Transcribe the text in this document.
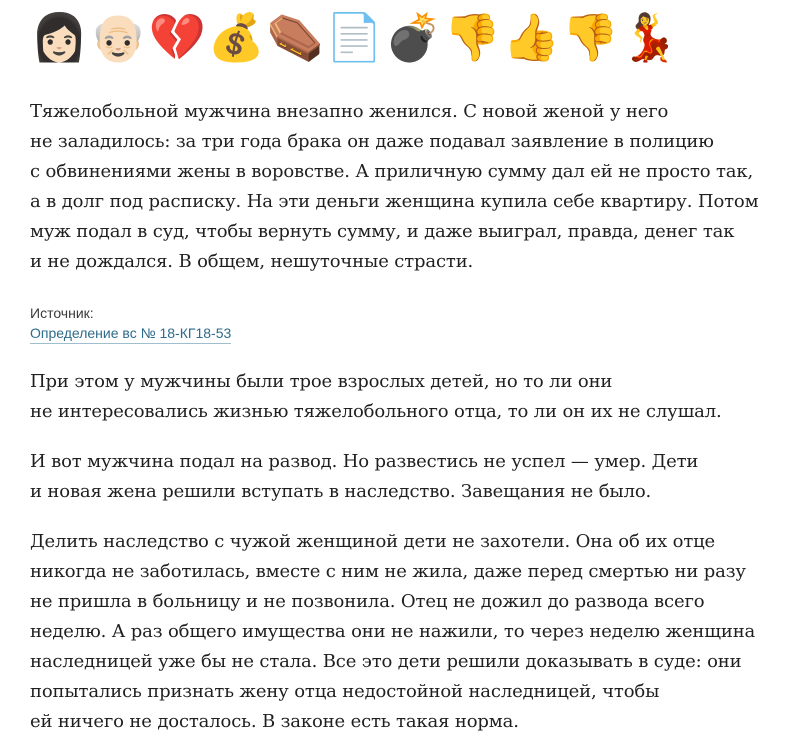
👩🏻 👴🏻 💔 💰 ⚰️ 📄 💣 👎 👍 👎 💃

Тяжелобольной мужчина внезапно женился. С новой женой у него
не заладилось: за три года брака он даже подавал заявление в полицию
с обвинениями жены в воровстве. А приличную сумму дал ей не просто так,
а в долг под расписку. На эти деньги женщина купила себе квартиру. Потом
муж подал в суд, чтобы вернуть сумму, и даже выиграл, правда, денег так
и не дождался. В общем, нешуточные страсти.

Источник:
Определение вс № 18-КГ18-53

При этом у мужчины были трое взрослых детей, но то ли они
не интересовались жизнью тяжелобольного отца, то ли он их не слушал.

И вот мужчина подал на развод. Но развестись не успел — умер. Дети
и новая жена решили вступать в наследство. Завещания не было.

Делить наследство с чужой женщиной дети не захотели. Она об их отце
никогда не заботилась, вместе с ним не жила, даже перед смертью ни разу
не пришла в больницу и не позвонила. Отец не дожил до развода всего
неделю. А раз общего имущества они не нажили, то через неделю женщина
наследницей уже бы не стала. Все это дети решили доказывать в суде: они
попытались признать жену отца недостойной наследницей, чтобы
ей ничего не досталось. В законе есть такая норма.
